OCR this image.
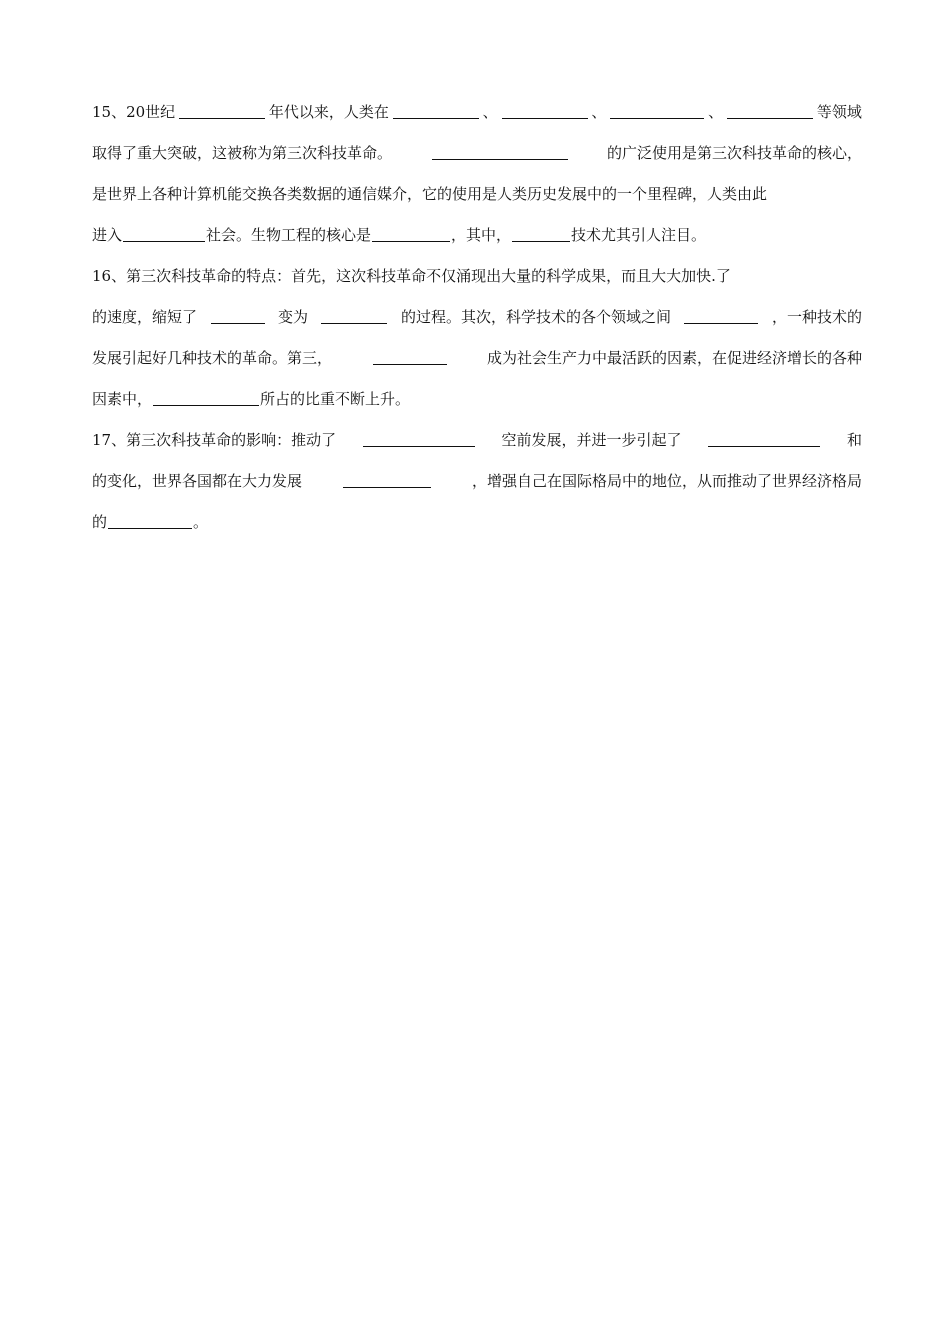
15、20世纪	年代以来，人类在	、	、	、	等领域
取得了重大突破，这被称为第三次科技革命。	的广泛使用是第三次科技革命的核心，
是世界上各种计算机能交换各类数据的通信媒介，它的使用是人类历史发展中的一个里程碑，人类由此
进入	社会。生物工程的核心是	，其中，	技术尤其引人注目。
16、第三次科技革命的特点：首先，这次科技革命不仅涌现出大量的科学成果，而且大大加快.了
的速度，缩短了	变为	的过程。其次，科学技术的各个领域之间	，一种技术的
发展引起好几种技术的革命。第三，	成为社会生产力中最活跃的因素，在促进经济增长的各种
因素中，	所占的比重不断上升。
17、第三次科技革命的影响：推动了	空前发展，并进一步引起了	和
的变化，世界各国都在大力发展	，增强自己在国际格局中的地位，从而推动了世界经济格局
的	。
